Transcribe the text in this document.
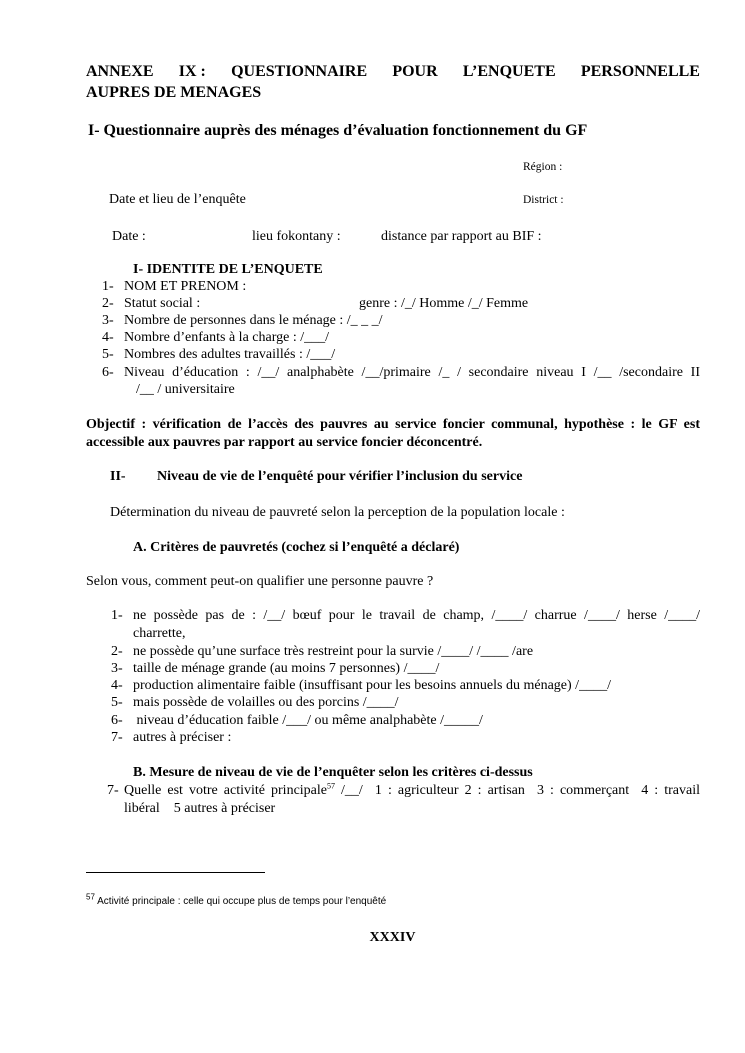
ANNEXE IX : QUESTIONNAIRE POUR L’ENQUETE PERSONNELLE
AUPRES DE MENAGES
I- Questionnaire auprès des ménages d’évaluation fonctionnement du GF
Région :
Date et lieu de l’enquête	District :
Date :	lieu fokontany :	distance par rapport au BIF :
I- IDENTITE DE L’ENQUETE
1- NOM ET PRENOM :
2- Statut social :	genre : /_/ Homme /_/ Femme
3- Nombre de personnes dans le ménage : /_ _ _/
4- Nombre d’enfants à la charge : /___/
5- Nombres des adultes travaillés : /___/
6- Niveau d’éducation : /__/ analphabète /__/primaire /_ / secondaire niveau I /__ /secondaire II
/__ / universitaire
Objectif : vérification de l’accès des pauvres au service foncier communal, hypothèse : le GF est
accessible aux pauvres par rapport au service foncier déconcentré.
II- Niveau de vie de l’enquêté pour vérifier l’inclusion du service
Détermination du niveau de pauvreté selon la perception de la population locale :
A. Critères de pauvretés (cochez si l’enquêté a déclaré)
Selon vous, comment peut-on qualifier une personne pauvre ?
1- ne possède pas de : /__/ bœuf pour le travail de champ, /____/ charrue /____/ herse /____/
charrette,
2- ne possède qu’une surface très restreint pour la survie /____/ /____ /are
3- taille de ménage grande (au moins 7 personnes) /____/
4- production alimentaire faible (insuffisant pour les besoins annuels du ménage) /____/
5- mais possède de volailles ou des porcins /____/
6- niveau d’éducation faible /___/ ou même analphabète /_____/
7- autres à préciser :
B. Mesure de niveau de vie de l’enquêter selon les critères ci-dessus
7- Quelle est votre activité principale$^{57}$ /__/  1 : agriculteur 2 : artisan  3 : commerçant  4 : travail
libéral    5 autres à préciser
$^{57}$ Activité principale : celle qui occupe plus de temps pour l’enquêté
XXXIV
